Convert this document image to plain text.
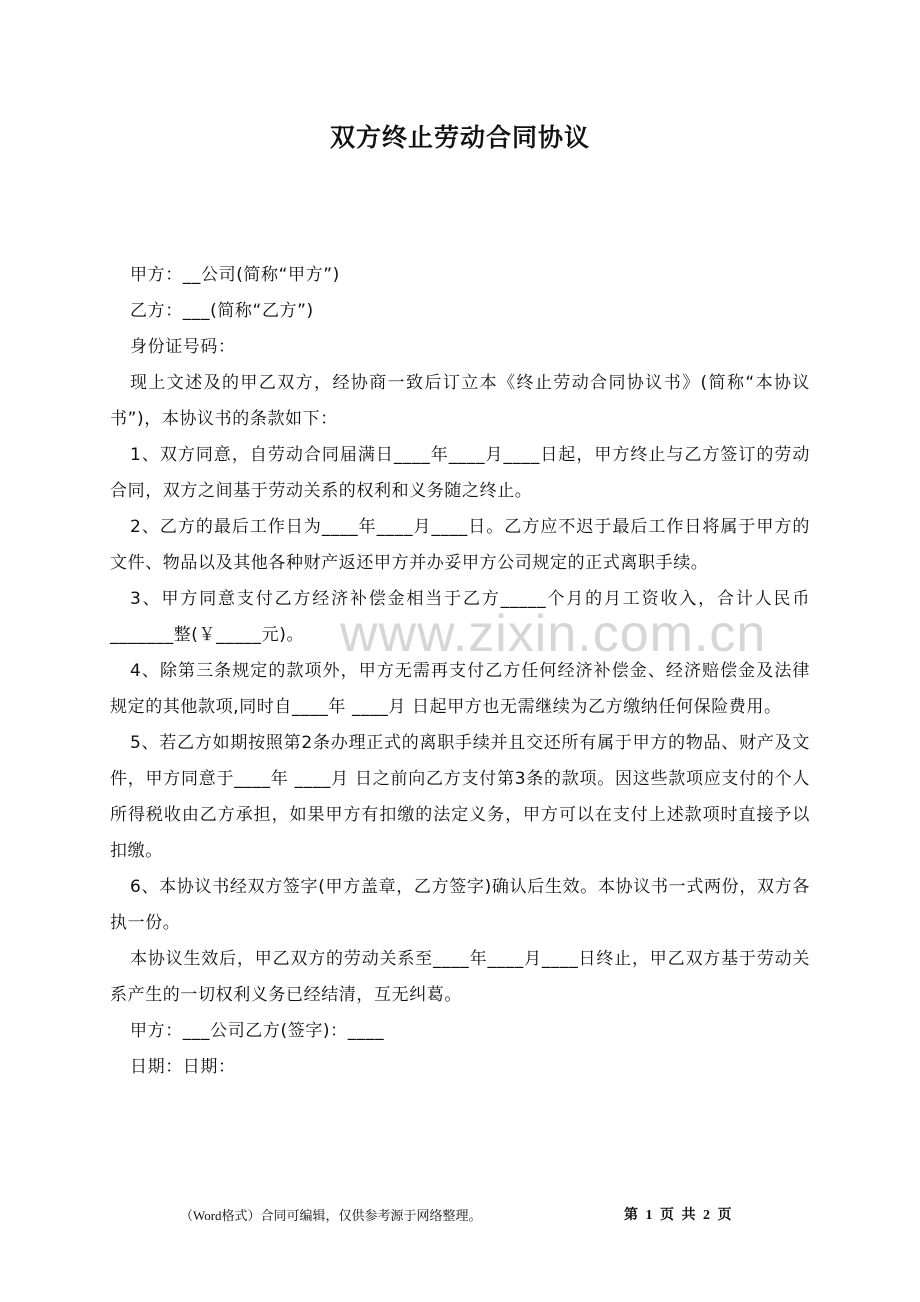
双方终止劳动合同协议

甲方：__公司(简称“甲方”)

乙方：___(简称“乙方”)

身份证号码：

现上文述及的甲乙双方，经协商一致后订立本《终止劳动合同协议书》(简称“本协议书”)，本协议书的条款如下：

1、双方同意，自劳动合同届满日____年____月____日起，甲方终止与乙方签订的劳动合同，双方之间基于劳动关系的权利和义务随之终止。

2、乙方的最后工作日为____年____月____日。乙方应不迟于最后工作日将属于甲方的文件、物品以及其他各种财产返还甲方并办妥甲方公司规定的正式离职手续。

3、甲方同意支付乙方经济补偿金相当于乙方_____个月的月工资收入，合计人民币_______整(￥_____元)。

4、除第三条规定的款项外，甲方无需再支付乙方任何经济补偿金、经济赔偿金及法律规定的其他款项,同时自____年 ____月 日起甲方也无需继续为乙方缴纳任何保险费用。

5、若乙方如期按照第2条办理正式的离职手续并且交还所有属于甲方的物品、财产及文件，甲方同意于____年 ____月 日之前向乙方支付第3条的款项。因这些款项应支付的个人所得税收由乙方承担，如果甲方有扣缴的法定义务，甲方可以在支付上述款项时直接予以扣缴。

6、本协议书经双方签字(甲方盖章，乙方签字)确认后生效。本协议书一式两份，双方各执一份。

本协议生效后，甲乙双方的劳动关系至____年____月____日终止，甲乙双方基于劳动关系产生的一切权利义务已经结清，互无纠葛。

甲方：___公司乙方(签字)：____

日期：日期：

www.zixin.com.cn
（Word格式）合同可编辑，仅供参考源于网络整理。	第 1 页 共 2 页
